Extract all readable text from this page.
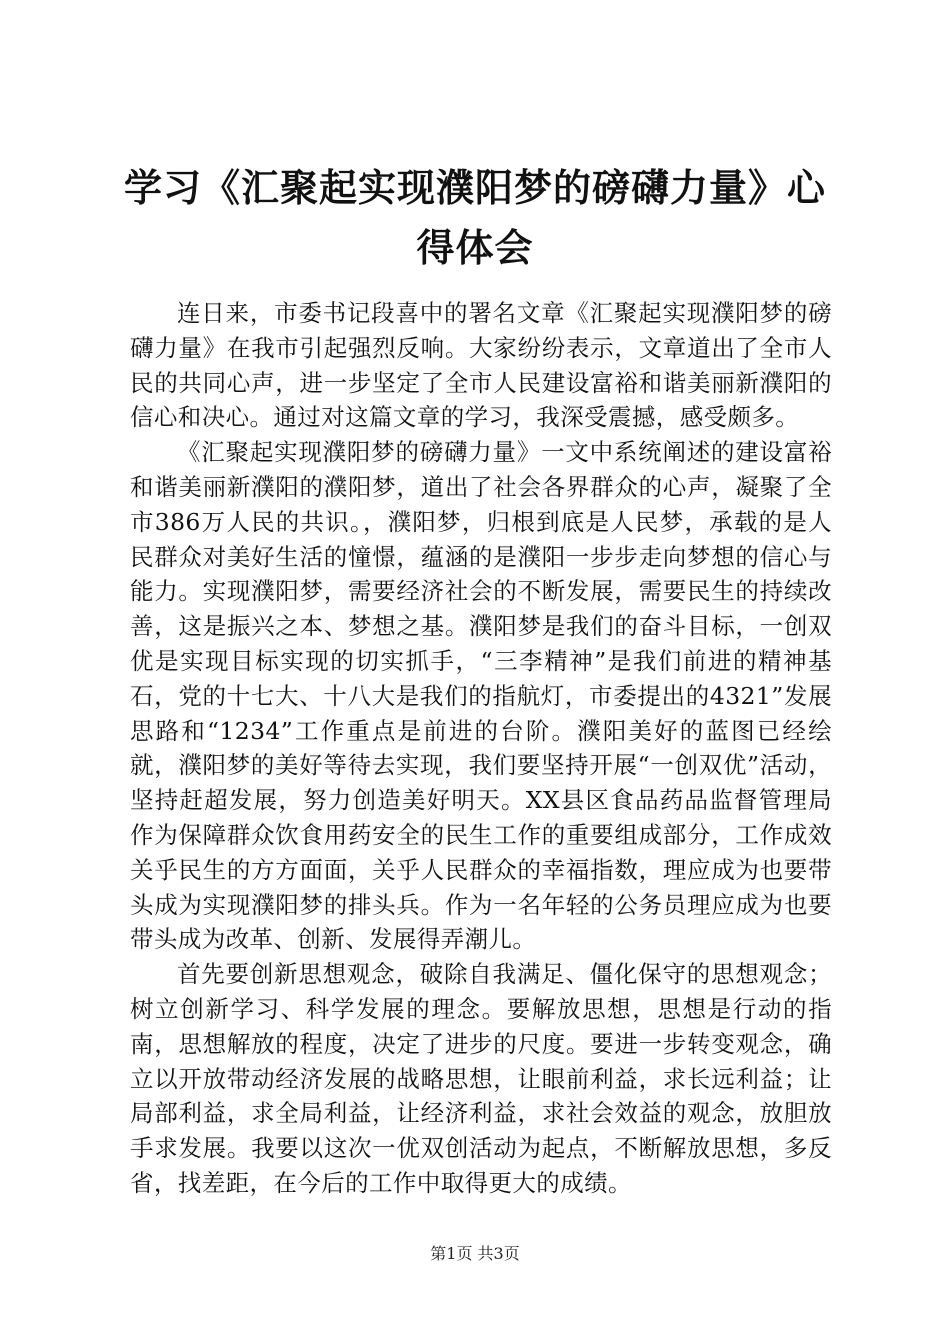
学习《汇聚起实现濮阳梦的磅礴力量》心得体会

连日来，市委书记段喜中的署名文章《汇聚起实现濮阳梦的磅礴力量》在我市引起强烈反响。大家纷纷表示，文章道出了全市人民的共同心声，进一步坚定了全市人民建设富裕和谐美丽新濮阳的信心和决心。通过对这篇文章的学习，我深受震撼，感受颇多。

《汇聚起实现濮阳梦的磅礴力量》一文中系统阐述的建设富裕和谐美丽新濮阳的濮阳梦，道出了社会各界群众的心声，凝聚了全市386万人民的共识。，濮阳梦，归根到底是人民梦，承载的是人民群众对美好生活的憧憬，蕴涵的是濮阳一步步走向梦想的信心与能力。实现濮阳梦，需要经济社会的不断发展，需要民生的持续改善，这是振兴之本、梦想之基。濮阳梦是我们的奋斗目标，一创双优是实现目标实现的切实抓手，“三李精神”是我们前进的精神基石，党的十七大、十八大是我们的指航灯，市委提出的4321”发展思路和“1234”工作重点是前进的台阶。濮阳美好的蓝图已经绘就，濮阳梦的美好等待去实现，我们要坚持开展“一创双优”活动，坚持赶超发展，努力创造美好明天。XX县区食品药品监督管理局作为保障群众饮食用药安全的民生工作的重要组成部分，工作成效关乎民生的方方面面，关乎人民群众的幸福指数，理应成为也要带头成为实现濮阳梦的排头兵。作为一名年轻的公务员理应成为也要带头成为改革、创新、发展得弄潮儿。

首先要创新思想观念，破除自我满足、僵化保守的思想观念；树立创新学习、科学发展的理念。要解放思想，思想是行动的指南，思想解放的程度，决定了进步的尺度。要进一步转变观念，确立以开放带动经济发展的战略思想，让眼前利益，求长远利益；让局部利益，求全局利益，让经济利益，求社会效益的观念，放胆放手求发展。我要以这次一优双创活动为起点，不断解放思想，多反省，找差距，在今后的工作中取得更大的成绩。

第1页 共3页
